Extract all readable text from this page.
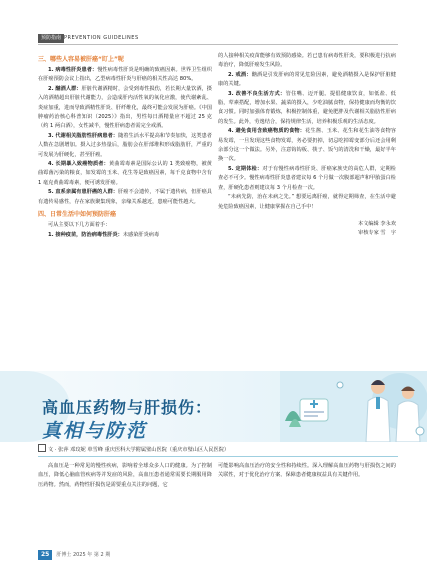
预防指南 PREVENTION GUIDELINES
三、哪些人容易被肝癌“盯上”呢

1. 病毒性肝炎患者：慢性病毒性肝炎是明确的致癌因素。世界卫生组织在肝癌预防会议上指出，乙型病毒性肝炎与肝癌的相关性高达 80%。

2. 酗酒人群：肝脏代谢酒精时，会受到毒性损伤，若长期大量饮酒，摄入的酒精超出肝脏代谢能力，会造成肝内活性氧的氧化应激，使代谢紊乱、炎症加重，进而导致酒精性肝炎、肝纤维化，最终可能会发展为肝癌。《中国肿瘤药治核心科普知识（2025）》指出，男性每日酒精量应不超过 25 克（约 1 两白酒），女性减半，慢性肝病患者需完全戒酒。

3. 代谢相关脂肪性肝病患者：随着生活水平提高和节奏加快，这类患者人数在急剧增加。摄入过多热量后，脂肪会在肝部堆积形成脂肪肝，严重的可发展为肝硬化，甚至肝癌。

4. 长期暴入致癌物质者：黄曲霉毒素是国际公认的 1 类致癌物，被黄曲霉菌污染的粮食，如发霉的玉米、花生等是致癌因素，每千克食物中含有 1 毫克黄曲霉毒素，便可诱发肝癌。

5. 直系亲属有患肝癌的人群：肝癌不会遗传，不属于遗传病，但肝癌具有遗传易感性，存在家族聚集现象，亲缘关系越近，患癌可能性越大。

四、日常生活中如何预防肝癌

可从主要以下几方面着手：

1. 接种疫苗，防治病毒性肝炎：未感染肝炎病毒

的人接种相关疫苗能够有效预防感染。若已患有病毒性肝炎，要积极进行抗病毒治疗，降低肝癌发生风险。

2. 戒酒：酗酒是引发肝病的常见危险因素，避免酒精摄入是保护肝脏健康的关键。

3. 改善不良生活方式：管住嘴、迈开腿。提倡健康饮食，如低盐、低脂，荤素搭配，增加水果、蔬菜的摄入，少吃油腻食物，保持健康而均衡的饮食习惯。同时加强体育锻炼，积极控制体重，避免肥胖及代谢相关脂肪性肝病的发生。此外，劳逸结合，保持规律生活，培养积极乐观的生活态度。

4. 避免食用含致癌物质的食物：花生酱、玉米、花生和花生油等食物容易发霉，一旦发现这些食物发霉，务必要扔掉，切忌吃掉霉变部分后还会用剩余部分这一个做法。另外，注意钩钩板、筷子、饭勺的清洗和干燥，最好半年换一次。

5. 定期体检：对于有慢性病毒性肝炎、肝癌家族史的高危人群，定期检查必不可少。慢性病毒性肝炎患者建议每 6 个月做一次腹部超声和甲胎蛋白检查，肝硬化患者则建议每 3 个月检查一次。

“未病先防，治在未病之先。” 想要远离肝癌，就得定期筛查，在生活中避免危险致癌因素，让健康掌握在自己手中！

本文编辑 李永欢
审核专家 雪　宇
高血压药物与肝损伤：
真相与防范
文 · 张萍 邓玟妮 单雪峰 重庆医科大学附属璧山医院（重庆市璧山区人民医院）

高血压是一种常见的慢性疾病，影响着全球众多人口的健康。为了控制血压，降低心脑血管疾病等并发症的风险，高血压患者通常需要长期服用降压药物。然而，药物性肝损伤是需要重点关注的问题，它

可能影响高血压治疗的安全性和持续性。深入理解高血压药物与肝损伤之间的关联性，对于优化治疗方案、保障患者健康权益具有关键作用。

25 肝博士 2025 年 第 2 期
